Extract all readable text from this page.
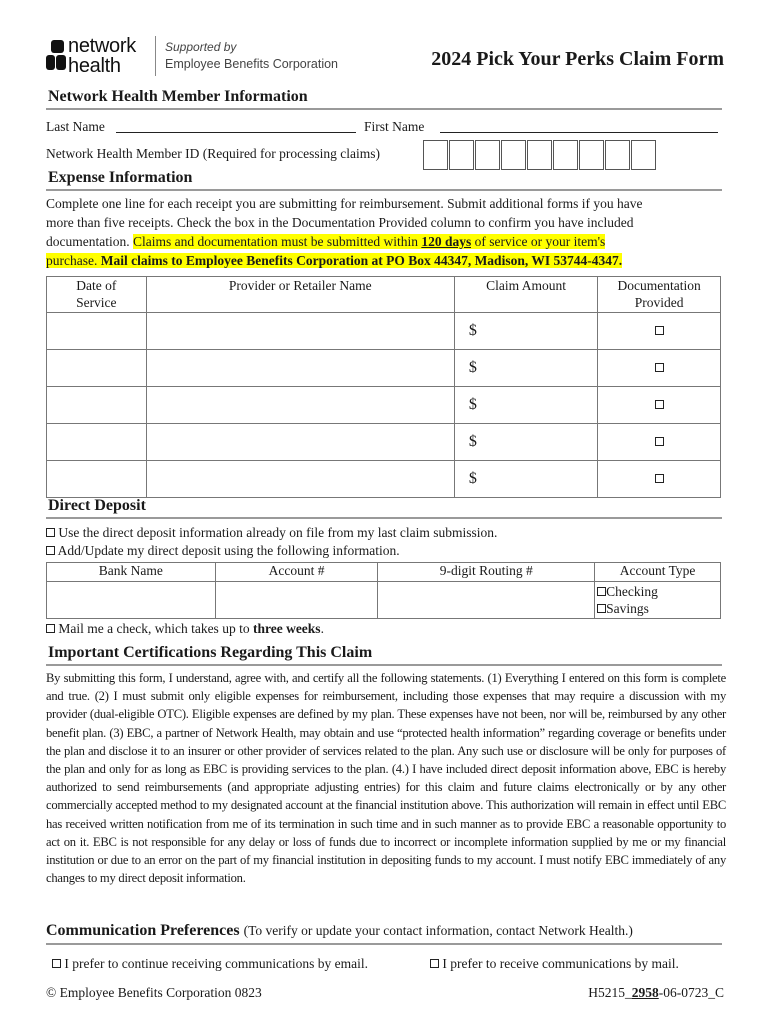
network
health
Supported by
Employee Benefits Corporation	2024 Pick Your Perks Claim Form
Network Health Member Information
Last Name	First Name
Network Health Member ID (Required for processing claims)
Expense Information
Complete one line for each receipt you are submitting for reimbursement. Submit additional forms if you have
more than five receipts. Check the box in the Documentation Provided column to confirm you have included
documentation. Claims and documentation must be submitted within 120 days of service or your item's
purchase. Mail claims to Employee Benefits Corporation at PO Box 44347, Madison, WI 53744-4347.
Date of
Service	Provider or Retailer Name	Claim Amount	Documentation
Provided
		$	
		$	
		$	
		$	
		$	
Direct Deposit
Use the direct deposit information already on file from my last claim submission.
Add/Update my direct deposit using the following information.
Bank Name	Account #	9-digit Routing #	Account Type

			Checking
Savings
Mail me a check, which takes up to three weeks.
Important Certifications Regarding This Claim
By submitting this form, I understand, agree with, and certify all the following statements. (1) Everything I entered on this form is complete and true. (2) I must submit only eligible expenses for reimbursement, including those expenses that may require a discussion with my provider (dual-eligible OTC). Eligible expenses are defined by my plan. These expenses have not been, nor will be, reimbursed by any other benefit plan. (3) EBC, a partner of Network Health, may obtain and use “protected health information” regarding coverage or benefits under the plan and disclose it to an insurer or other provider of services related to the plan. Any such use or disclosure will be only for purposes of the plan and only for as long as EBC is providing services to the plan. (4.) I have included direct deposit information above, EBC is hereby authorized to send reimbursements (and appropriate adjusting entries) for this claim and future claims electronically or by any other commercially accepted method to my designated account at the financial institution above. This authorization will remain in effect until EBC has received written notification from me of its termination in such time and in such manner as to provide EBC a reasonable opportunity to act on it. EBC is not responsible for any delay or loss of funds due to incorrect or incomplete information supplied by me or my financial institution or due to an error on the part of my financial institution in depositing funds to my account. I must notify EBC immediately of any changes to my direct deposit information.
Communication Preferences (To verify or update your contact information, contact Network Health.)
I prefer to continue receiving communications by email.	I prefer to receive communications by mail.
© Employee Benefits Corporation 0823	H5215_2958-06-0723_C
